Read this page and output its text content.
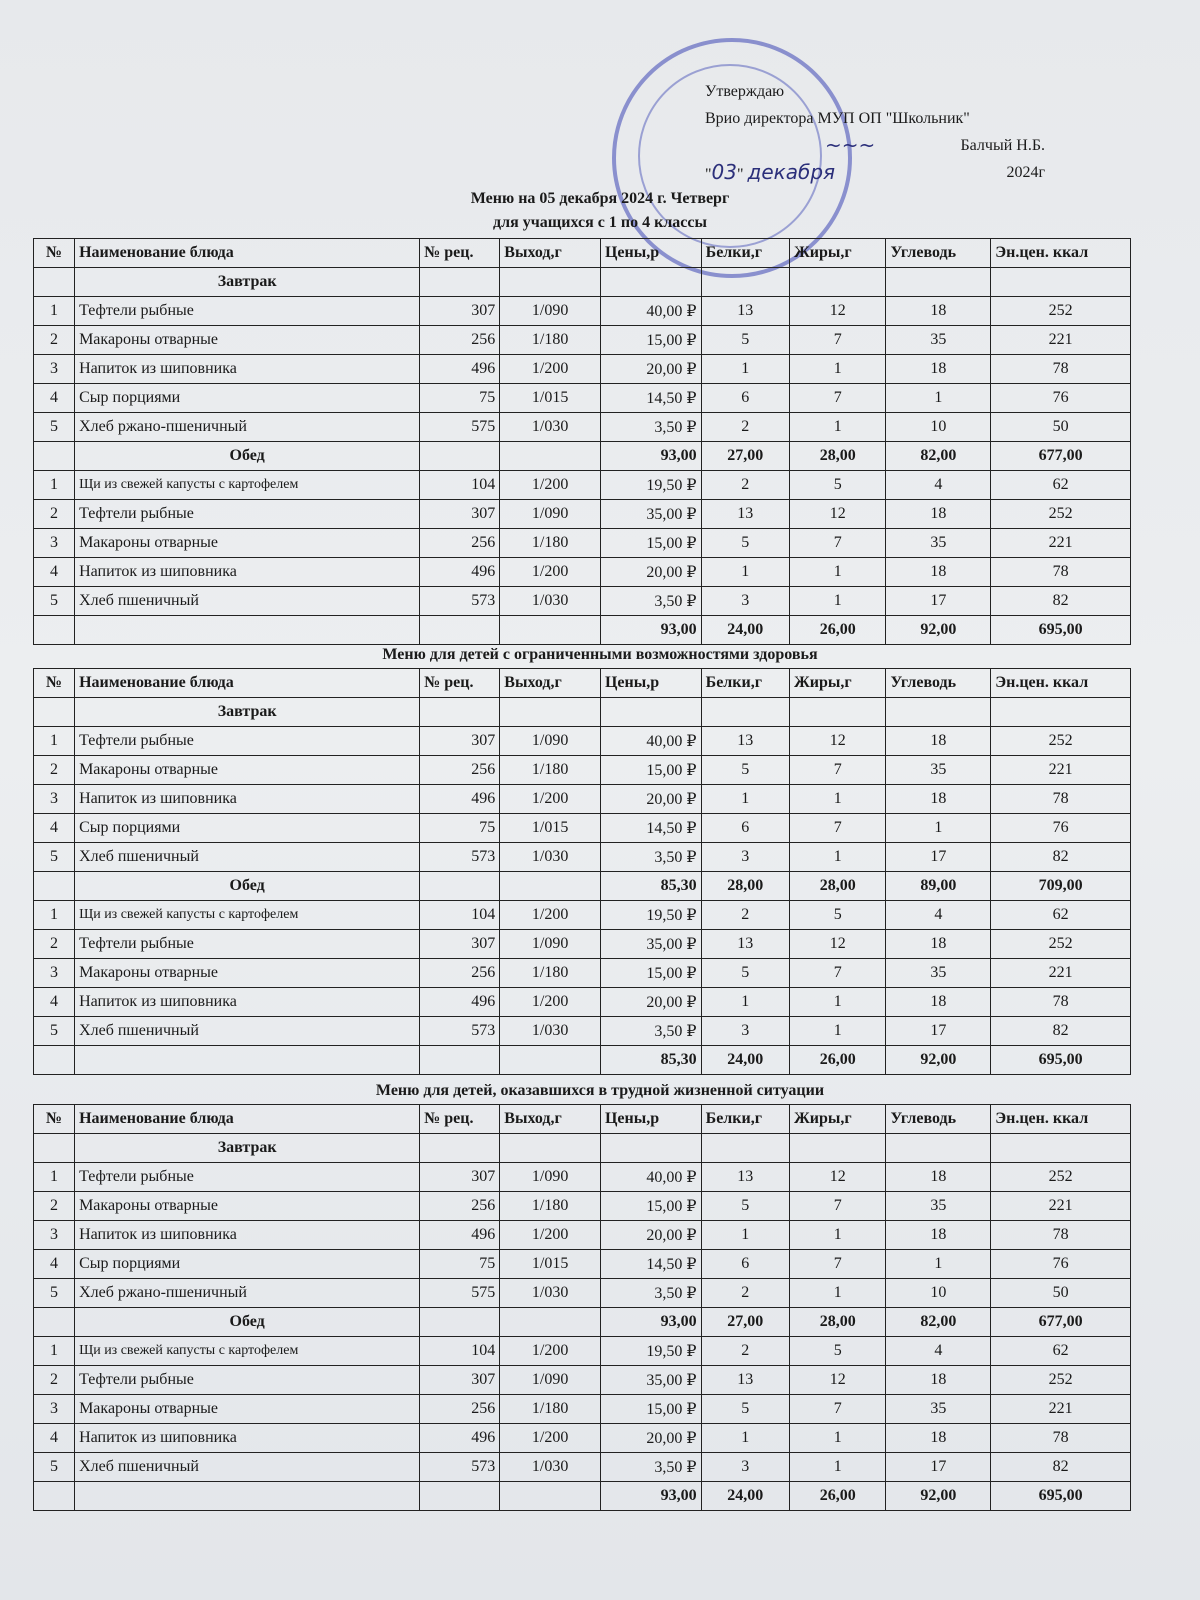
Утверждаю
Врио директора МУП ОП "Школьник"
~~~	Балчый Н.Б.
"03" декабря	2024г
Меню на 05 декабря 2024 г. Четверг
для учащихся с 1 по 4 классы
№	Наименование блюда	№ рец.	Выход,г	Цены,р	Белки,г	Жиры,г	Углеводь	Эн.цен. ккал
	Завтрак							
1	Тефтели рыбные	307	1/090	40,00 ₽	13	12	18	252
2	Макароны отварные	256	1/180	15,00 ₽	5	7	35	221
3	Напиток из шиповника	496	1/200	20,00 ₽	1	1	18	78
4	Сыр порциями	75	1/015	14,50 ₽	6	7	1	76
5	Хлеб ржано-пшеничный	575	1/030	3,50 ₽	2	1	10	50
	Обед			93,00	27,00	28,00	82,00	677,00
1	Щи из свежей капусты с картофелем	104	1/200	19,50 ₽	2	5	4	62
2	Тефтели рыбные	307	1/090	35,00 ₽	13	12	18	252
3	Макароны отварные	256	1/180	15,00 ₽	5	7	35	221
4	Напиток из шиповника	496	1/200	20,00 ₽	1	1	18	78
5	Хлеб пшеничный	573	1/030	3,50 ₽	3	1	17	82
				93,00	24,00	26,00	92,00	695,00
Меню для детей с ограниченными возможностями здоровья
№	Наименование блюда	№ рец.	Выход,г	Цены,р	Белки,г	Жиры,г	Углеводь	Эн.цен. ккал
	Завтрак							
1	Тефтели рыбные	307	1/090	40,00 ₽	13	12	18	252
2	Макароны отварные	256	1/180	15,00 ₽	5	7	35	221
3	Напиток из шиповника	496	1/200	20,00 ₽	1	1	18	78
4	Сыр порциями	75	1/015	14,50 ₽	6	7	1	76
5	Хлеб пшеничный	573	1/030	3,50 ₽	3	1	17	82
	Обед			85,30	28,00	28,00	89,00	709,00
1	Щи из свежей капусты с картофелем	104	1/200	19,50 ₽	2	5	4	62
2	Тефтели рыбные	307	1/090	35,00 ₽	13	12	18	252
3	Макароны отварные	256	1/180	15,00 ₽	5	7	35	221
4	Напиток из шиповника	496	1/200	20,00 ₽	1	1	18	78
5	Хлеб пшеничный	573	1/030	3,50 ₽	3	1	17	82
				85,30	24,00	26,00	92,00	695,00
Меню для детей, оказавшихся в трудной жизненной ситуации
№	Наименование блюда	№ рец.	Выход,г	Цены,р	Белки,г	Жиры,г	Углеводь	Эн.цен. ккал
	Завтрак							
1	Тефтели рыбные	307	1/090	40,00 ₽	13	12	18	252
2	Макароны отварные	256	1/180	15,00 ₽	5	7	35	221
3	Напиток из шиповника	496	1/200	20,00 ₽	1	1	18	78
4	Сыр порциями	75	1/015	14,50 ₽	6	7	1	76
5	Хлеб ржано-пшеничный	575	1/030	3,50 ₽	2	1	10	50
	Обед			93,00	27,00	28,00	82,00	677,00
1	Щи из свежей капусты с картофелем	104	1/200	19,50 ₽	2	5	4	62
2	Тефтели рыбные	307	1/090	35,00 ₽	13	12	18	252
3	Макароны отварные	256	1/180	15,00 ₽	5	7	35	221
4	Напиток из шиповника	496	1/200	20,00 ₽	1	1	18	78
5	Хлеб пшеничный	573	1/030	3,50 ₽	3	1	17	82
				93,00	24,00	26,00	92,00	695,00
